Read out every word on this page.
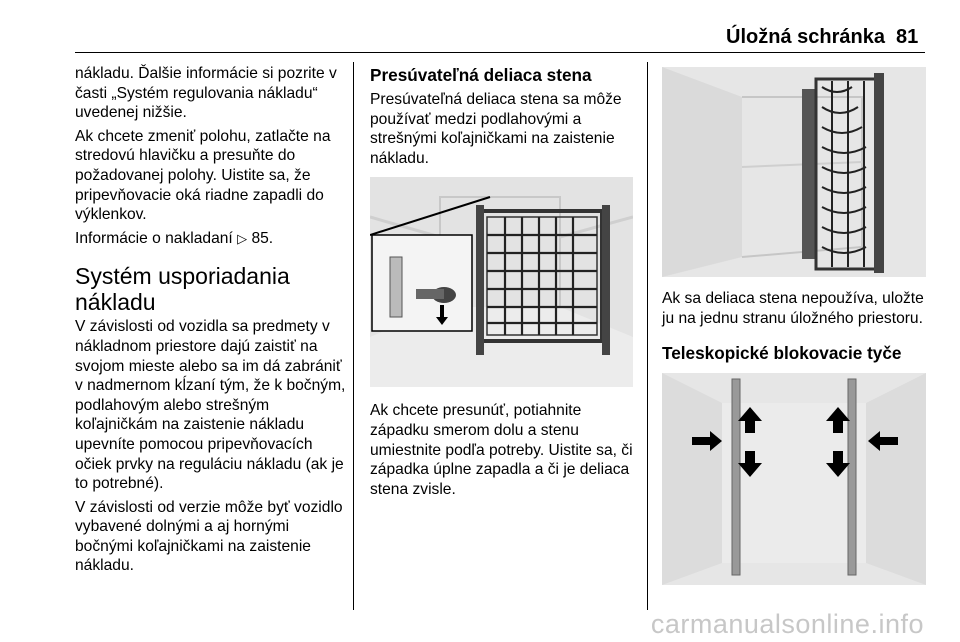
Úložná schránka 81

nákladu. Ďalšie informácie si pozrite v časti „Systém regulovania nákladu“ uvedenej nižšie.

Ak chcete zmeniť polohu, zatlačte na stredovú hlavičku a presuňte do požadovanej polohy. Uistite sa, že pripevňovacie oká riadne zapadli do výklenkov.

Informácie o nakladaní ▷ 85.

Systém usporiadania nákladu

V závislosti od vozidla sa predmety v nákladnom priestore dajú zaistiť na svojom mieste alebo sa im dá zabrániť v nadmernom kĺzaní tým, že k bočným, podlahovým alebo strešným koľajničkám na zaistenie nákladu upevníte pomocou pripevňovacích očiek prvky na reguláciu nákladu (ak je to potrebné).

V závislosti od verzie môže byť vozidlo vybavené dolnými a aj hornými bočnými koľajničkami na zaistenie nákladu.

Presúvateľná deliaca stena

Presúvateľná deliaca stena sa môže používať medzi podlahovými a strešnými koľajničkami na zaistenie nákladu.

Ak chcete presunúť, potiahnite západku smerom dolu a stenu umiestnite podľa potreby. Uistite sa, či západka úplne zapadla a či je deliaca stena zvisle.

Ak sa deliaca stena nepoužíva, uložte ju na jednu stranu úložného priestoru.

Teleskopické blokovacie tyče
carmanualsonline.info
